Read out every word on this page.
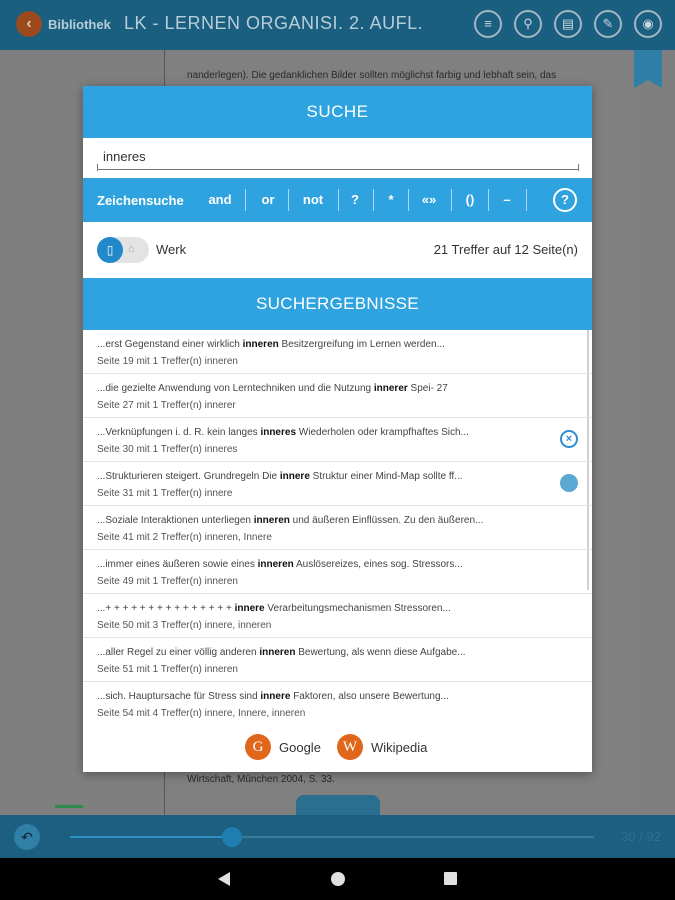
‹	Bibliothek LK - LERNEN ORGANISI. 2. AUFL.	≡	⚲	▤	✎	◉
nanderlegen). Die gedanklichen Bilder sollten möglichst farbig und lebhaft sein, das
Wirtschaft, München 2004, S. 33.
↶	30 / 92
SUCHE
inneres
Zeichensuche	and	or	not	?	*	«»	()	–	?
▯	⌂ Werk	21 Treffer auf 12 Seite(n)
SUCHERGEBNISSE
...erst Gegenstand einer wirklich inneren Besitzergreifung im Lernen werden...
Seite 19 mit 1 Treffer(n) inneren
...die gezielte Anwendung von Lerntechniken und die Nutzung innerer Spei- 27
Seite 27 mit 1 Treffer(n) innerer
...Verknüpfungen i. d. R. kein langes inneres Wiederholen oder krampfhaftes Sich...
Seite 30 mit 1 Treffer(n) inneres
×
...Strukturieren steigert. Grundregeln Die innere Struktur einer Mind-Map sollte ff...
Seite 31 mit 1 Treffer(n) innere
...Soziale Interaktionen unterliegen inneren und äußeren Einflüssen. Zu den äußeren...
Seite 41 mit 2 Treffer(n) inneren, Innere
...immer eines äußeren sowie eines inneren Auslösereizes, eines sog. Stressors...
Seite 49 mit 1 Treffer(n) inneren
...+ + + + + + + + + + + + + + + innere Verarbeitungsmechanismen Stressoren...
Seite 50 mit 3 Treffer(n) innere, inneren
...aller Regel zu einer völlig anderen inneren Bewertung, als wenn diese Aufgabe...
Seite 51 mit 1 Treffer(n) inneren
...sich. Hauptursache für Stress sind innere Faktoren, also unsere Bewertung...
Seite 54 mit 4 Treffer(n) innere, Innere, inneren
G	Google	W	Wikipedia
